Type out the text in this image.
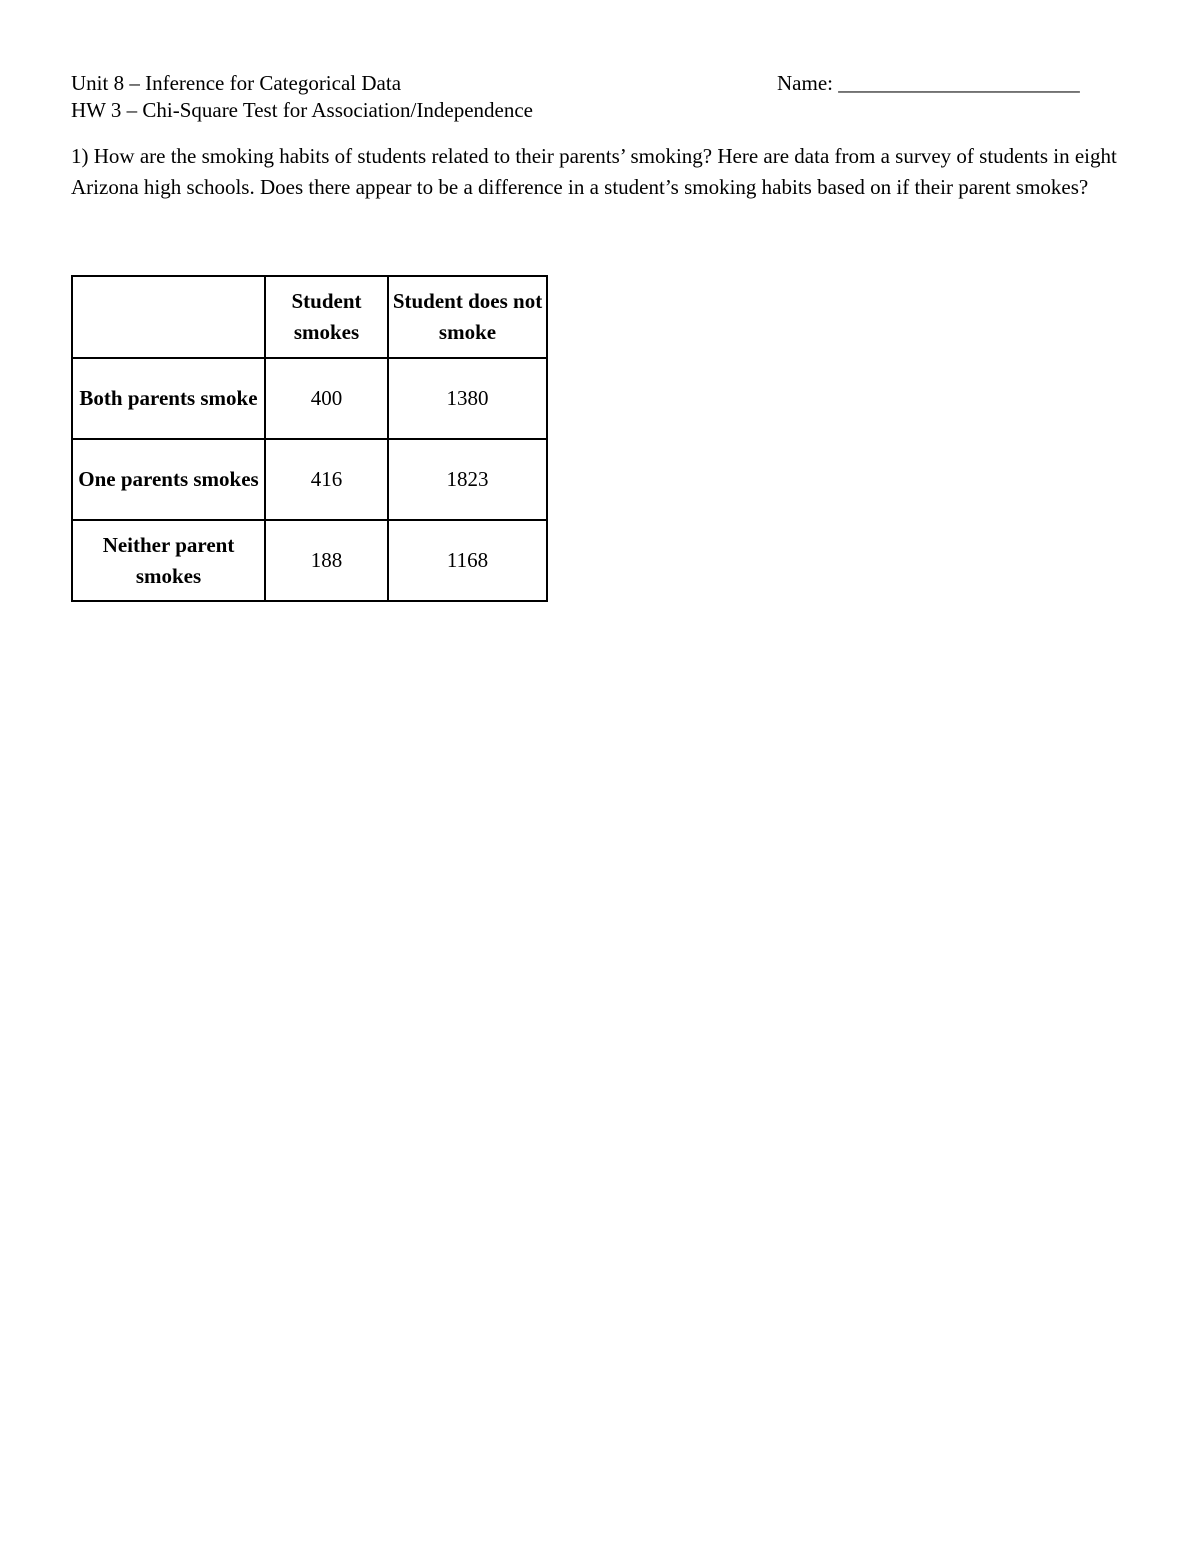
Unit 8 – Inference for Categorical Data	Name: _______________________
HW 3 – Chi-Square Test for Association/Independence
1) How are the smoking habits of students related to their parents’ smoking? Here are data from a survey of students in eight Arizona high schools. Does there appear to be a difference in a student’s smoking habits based on if their parent smokes?
	Student smokes	Student does not smoke
Both parents smoke	400	1380
One parents smokes	416	1823
Neither parent smokes	188	1168
